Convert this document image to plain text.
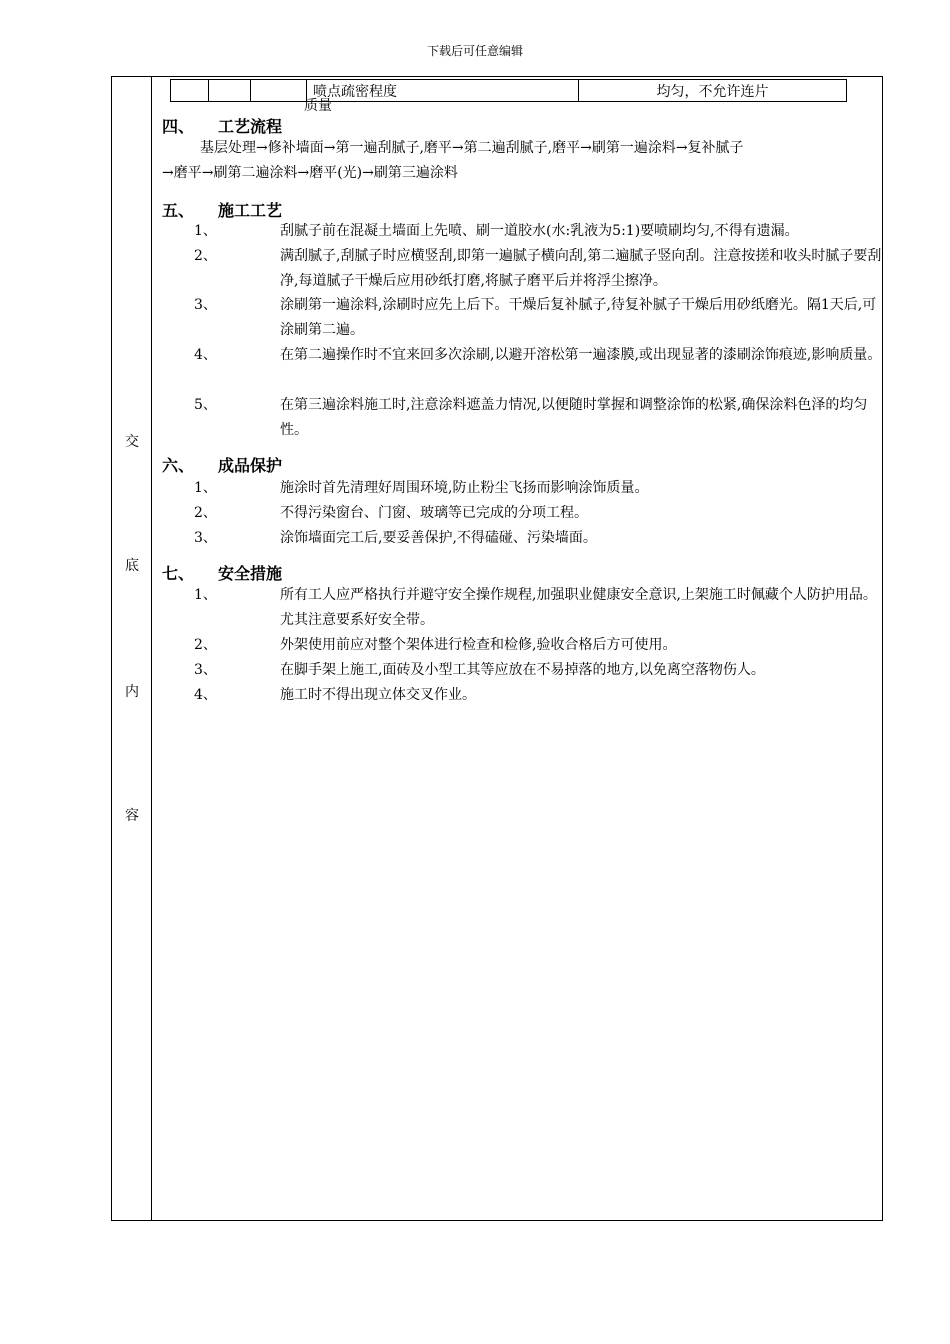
下载后可任意编辑
交
底
内
容
			喷点疏密程度	均匀，不允许连片
质量
四、 工艺流程
基层处理→修补墙面→第一遍刮腻子,磨平→第二遍刮腻子,磨平→刷第一遍涂料→复补腻子
→磨平→刷第二遍涂料→磨平(光)→刷第三遍涂料
五、 施工工艺
1、	刮腻子前在混凝土墙面上先喷、刷一道胶水(水:乳液为5:1)要喷刷均匀,不得有遗漏。
2、	满刮腻子,刮腻子时应横竖刮,即第一遍腻子横向刮,第二遍腻子竖向刮。注意按搓和收头时腻子要刮净,每道腻子干燥后应用砂纸打磨,将腻子磨平后并将浮尘擦净。
3、	涂刷第一遍涂料,涂刷时应先上后下。干燥后复补腻子,待复补腻子干燥后用砂纸磨光。隔1天后,可涂刷第二遍。
4、	在第二遍操作时不宜来回多次涂刷,以避开溶松第一遍漆膜,或出现显著的漆刷涂饰痕迹,影响质量。
5、	在第三遍涂料施工时,注意涂料遮盖力情况,以便随时掌握和调整涂饰的松紧,确保涂料色泽的均匀性。
六、 成品保护
1、	施涂时首先清理好周围环境,防止粉尘飞扬而影响涂饰质量。
2、	不得污染窗台、门窗、玻璃等已完成的分项工程。
3、	涂饰墙面完工后,要妥善保护,不得磕碰、污染墙面。
七、 安全措施
1、	所有工人应严格执行并避守安全操作规程,加强职业健康安全意识,上架施工时佩藏个人防护用品。尤其注意要系好安全带。
2、	外架使用前应对整个架体进行检查和检修,验收合格后方可使用。
3、	在脚手架上施工,面砖及小型工其等应放在不易掉落的地方,以免离空落物伤人。
4、	施工时不得出现立体交叉作业。
